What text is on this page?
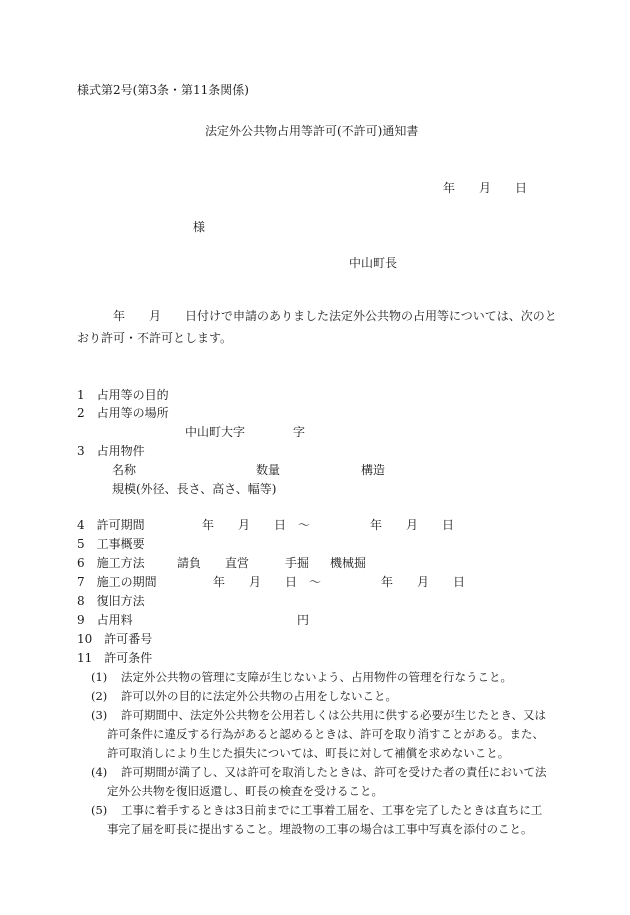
様式第2号(第3条・第11条関係)
法定外公共物占用等許可(不許可)通知書
年　　月　　日
様
中山町長
年　　月　　日付けで申請のありました法定外公共物の占用等については、次のと
おり許可・不許可とします。
1　占用等の目的
2　占用等の場所
中山町大字　　　　字
3　占用物件
名称	数量	構造
規模(外径、長さ、高さ、幅等)
4　許可期間	年　　月　　日　～　　　　　年　　月　　日
5　工事概要
6　施工方法	請負 直営	手掘 機械掘
7　施工の期間	年　　月　　日　～　　　　　年　　月　　日
8　復旧方法
9　占用料	円
10　許可番号
11　許可条件
(1) 法定外公共物の管理に支障が生じないよう、占用物件の管理を行なうこと。
(2) 許可以外の目的に法定外公共物の占用をしないこと。
(3) 許可期間中、法定外公共物を公用若しくは公共用に供する必要が生じたとき、又は
許可条件に違反する行為があると認めるときは、許可を取り消すことがある。また、
許可取消しにより生じた損失については、町長に対して補償を求めないこと。
(4) 許可期間が満了し、又は許可を取消したときは、許可を受けた者の責任において法
定外公共物を復旧返還し、町長の検査を受けること。
(5) 工事に着手するときは3日前までに工事着工届を、工事を完了したときは直ちに工
事完了届を町長に提出すること。埋設物の工事の場合は工事中写真を添付のこと。
